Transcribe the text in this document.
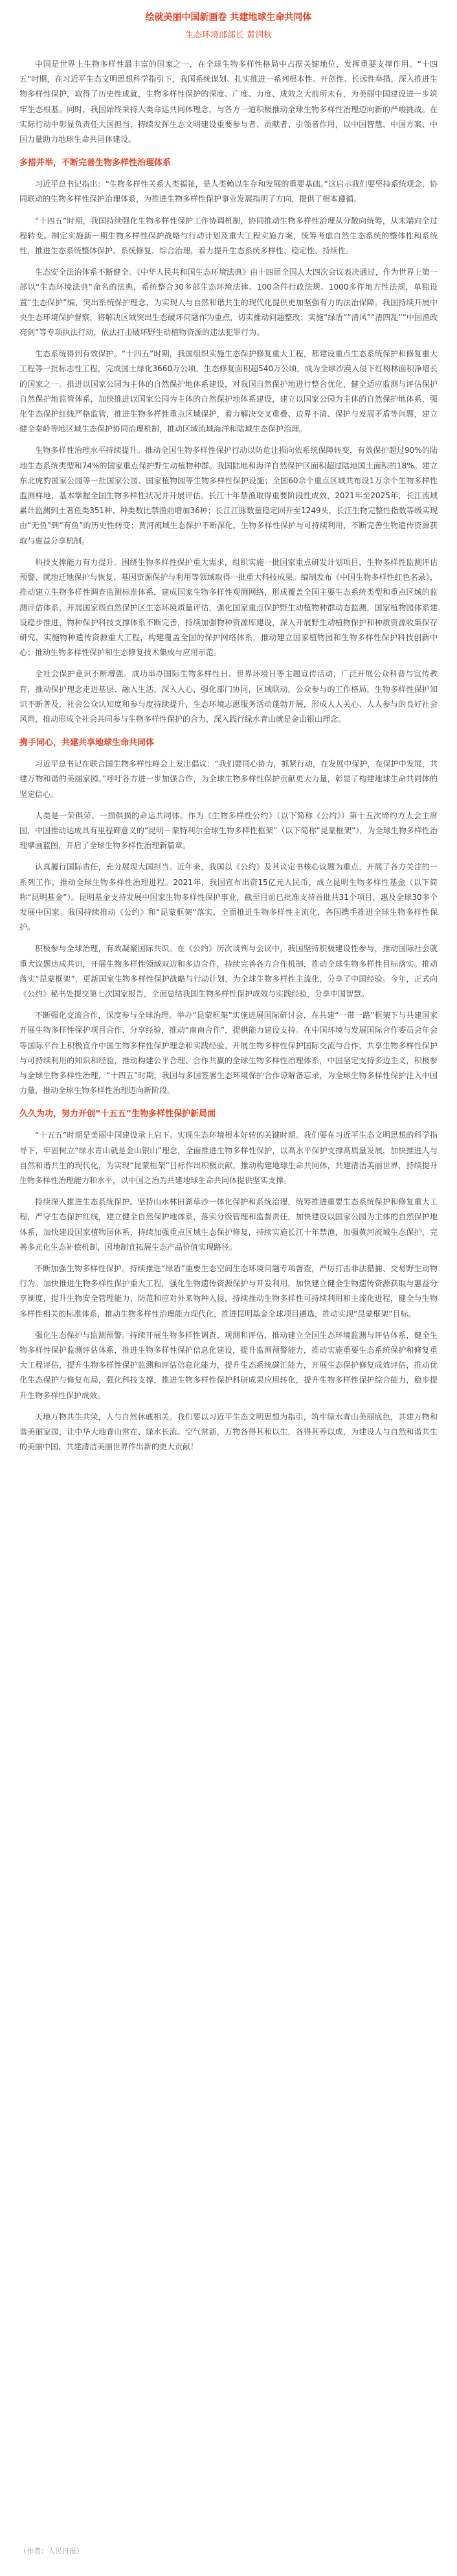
绘就美丽中国新画卷 共建地球生命共同体
生态环境部部长 黄润秋

中国是世界上生物多样性最丰富的国家之一，在全球生物多样性格局中占据关键地位，发挥重要支撑作用。“十四五”时期，在习近平生态文明思想科学指引下，我国系统谋划、扎实推进一系列根本性、开创性、长远性举措，深入推进生物多样性保护，取得了历史性成就，生物多样性保护的深度、广度、力度、成效之大前所未有，为美丽中国建设进一步筑牢生态根基。同时，我国始终秉持人类命运共同体理念，与各方一道积极推动全球生物多样性治理迈向新的严峻挑战。在实际行动中彰显负责任大国担当，持续发挥生态文明建设重要参与者、贡献者、引领者作用，以中国智慧、中国方案、中国力量助力地球生命共同体建设。

多措并举，不断完善生物多样性治理体系

习近平总书记指出：“生物多样性关系人类福祉，是人类赖以生存和发展的重要基础。”这启示我们要坚持系统观念，协同联动的生物多样性保护治理体系，为推进生物多样性保护事业发展指明了方向，提供了根本遵循。

“十四五”时期，我国持续强化生物多样性保护工作协调机制，协同推动生物多样性治理从分散向统筹，从末端向全过程转变。制定实施新一期生物多样性保护战略与行动计划及重大工程实施方案，统筹考虑自然生态系统的整体性和系统性，推进生态系统整体保护、系统修复、综合治理，着力提升生态系统多样性、稳定性、持续性。

生态安全法治体系不断健全。《中华人民共和国生态环境法典》由十四届全国人大四次会议表决通过，作为世界上第一部以“生态环境法典”命名的法典，系统整合30多部生态环境法律、100余件行政法规、1000多件地方性法规，单独设置“生态保护”编，突出系统保护理念，为实现人与自然和谐共生的现代化提供更加坚强有力的法治保障。我国持续开展中央生态环境保护督察，将解决区域突出生态破坏问题作为重点，切实推动问题整改；实施“绿盾”“清风”“清四乱”“中国渔政亮剑”等专项执法行动，依法打击破坏野生动植物资源的违法犯罪行为。

生态系统得到有效保护。“十四五”时期，我国组织实施生态保护修复重大工程，都建设重点生态系统保护和修复重大工程等一批标志性工程，完成国土绿化3660万公顷，生态修复面积超540万公顷，成为全球沙漠入侵下红树林面积净增长的国家之一。推进以国家公园为主体的自然保护地体系建设，对我国自然保护地进行整合优化，健全适应监测与评估保护自然保护地监管体系，加快推进以国家公园为主体的自然保护地体系建设，建立以国家公园为主体的自然保护地体系，强化生态保护红线严格监管，推进生物多样性重点区域保护，着力解决交叉重叠、边界不清、保护与发展矛盾等问题，建立健全秦岭等地区域生态保护协同治理机制，推动区域流域海洋和陆域生态保护治理。

生物多样性治理水平持续提升。推动全国生物多样性保护行动以防危让损向依系统保障转变，有效保护超过90%的陆地生态系统类型和74%的国家重点保护野生动植物种群。我国陆地和海洋自然保护区面积超过陆地国土面积的18%。建立东北虎豹国家公园等一批国家公园、国家植物园等生物多样性保护设施；全国60余个重点区域共布设1万余个生物多样性监测样地，基本掌握全国生物多样性状况并开展评估。长江十年禁渔取得重要阶段性成效，2021年至2025年，长江流域累计监测到土著鱼类351种、种类数比禁渔前增加36种；长江江豚数量稳定回升至1249头，长江生物完整性指数等级实现由“无鱼”到“有鱼”的历史性转变；黄河流域生态保护不断深化，生物多样性保护与可持续利用，不断完善生物遗传资源获取与惠益分享机制。

科技支撑能力有力提升。围绕生物多样性保护重大需求，组织实施一批国家重点研发计划项目，生物多样性监测评估预警、就地迁地保护与恢复、基因资源保护与利用等领域取得一批重大科技成果。编制发布《中国生物多样性红色名录》，推动建立生物多样性调查监测标准体系，建成国家生物多样性观测网络，形成覆盖全国主要生态系统类型和重点区域的监测评估体系，开展国家级自然保护区生态环境质量评估，强化国家重点保护野生动植物种群动态监测，国家植物园体系建设稳步推进，物种保护科技支撑体系不断完善，持续加强物种资源库建设，深入开展野生动植物保护和种质资源收集保存研究，实施物种遗传资源重大工程，构建覆盖全国的保护网络体系，推动建立国家植物园和生物多样性保护科技创新中心；推动生物多样性保护和生态修复技术集成与应用示范。

全社会保护意识不断增强。成功举办国际生物多样性日、世界环境日等主题宣传活动，广泛开展公众科普与宣传教育，推动保护理念走进基层、融入生活、深入人心，强化部门协同，区域联动，公众参与的工作格局，生物多样性保护知识不断普及，社会公众认知度和参与度持续提升，生态环境志愿服务活动蓬勃开展，形成人人关心、人人参与的良好社会风尚，推动形成全社会共同参与生物多样性保护的合力，深入践行绿水青山就是金山银山理念。

携手同心，共建共享地球生命共同体

习近平总书记在联合国生物多样性峰会上发出倡议：“我们要同心协力，抓紧行动，在发展中保护，在保护中发展，共建万物和谐的美丽家园。”呼吁各方进一步加强合作，为全球生物多样性保护贡献更大力量，彰显了构建地球生命共同体的坚定信心。

人类是一荣俱荣、一损俱损的命运共同体。作为《生物多样性公约》（以下简称《公约》）第十五次缔约方大会主席国，中国推动达成具有里程碑意义的“昆明－蒙特利尔全球生物多样性框架”（以下简称“昆蒙框架”），为全球生物多样性治理擘画蓝图，开启了全球生物多样性治理新篇章。

认真履行国际责任，充分展现大国担当。近年来，我国以《公约》及其议定书核心议题为重点，开展了各方关注的一系列工作，推动全球生物多样性治理进程。2021年，我国宣布出资15亿元人民币，成立昆明生物多样性基金（以下简称“昆明基金”）。昆明基金支持发展中国家生物多样性保护事业，截至目前已批准支持首批共31个项目，惠及全球30多个发展中国家。我国持续推动《公约》和“昆蒙框架”落实，全面推进生物多样性主流化，各国携手推进全球生物多样性保护。

积极参与全球治理，有效凝聚国际共识。在《公约》历次谈判与会议中，我国坚持积极建设性参与，推动国际社会就重大议题达成共识，开展生物多样性领域双边和多边合作，持续完善各方合作机制，推动全球生物多样性目标落实。推动落实“昆蒙框架”，更新国家生物多样性保护战略与行动计划，为全球生物多样性主流化，分享了中国经验。今年，正式向《公约》秘书处提交第七次国家报告，全面总结我国生物多样性保护成效与实践经验，分享中国智慧。

不断强化交流合作，深度参与全球治理。举办“昆蒙框架”实施进展国际研讨会，在共建“一带一路”框架下与共建国家开展生物多样性保护项目合作、分享经验，推动“南南合作”，提供能力建设支持。在中国环境与发展国际合作委员会年会等国际平台上积极宣介中国生物多样性保护理念和实践经验，开展生物多样性保护国际交流与合作，共享生物多样性保护与可持续利用的知识和经验，推动构建公平合理、合作共赢的全球生物多样性治理体系，中国坚定支持多边主义，积极参与全球生物多样性治理，“十四五”时期，我国与多国签署生态环境保护合作谅解备忘录，为全球生物多样性保护注入中国力量，推动全球生物多样性治理迈向新阶段。

久久为功，努力开创“十五五”生物多样性保护新局面

“十五五”时期是美丽中国建设承上启下、实现生态环境根本好转的关键时期。我们要在习近平生态文明思想的科学指导下，牢固树立“绿水青山就是金山银山”理念，全面推进生物多样性保护，以高水平保护支撑高质量发展，加快推进人与自然和谐共生的现代化，为实现“昆蒙框架”目标作出积极贡献，推动构建地球生命共同体，共建清洁美丽世界，持续提升生物多样性治理能力和水平，以中国之治为共建地球生命共同体提供坚实支撑。

持续深入推进生态系统保护。坚持山水林田湖草沙一体化保护和系统治理，统筹推进重要生态系统保护和修复重大工程，严守生态保护红线，建立健全自然保护地体系，落实分级管理和监督责任，加快建设以国家公园为主体的自然保护地体系，加快建设国家植物园体系，持续加强重点区域生态保护修复，持续实施长江十年禁渔，加强黄河流域生态保护，完善多元化生态补偿机制，因地制宜拓展生态产品价值实现路径。

不断加强生物多样性保护。持续推进“绿盾”重要生态空间生态环境问题专项督查，严厉打击非法猎捕、交易野生动物行为。加快推进生物多样性保护重大工程，强化生物遗传资源保护与开发利用，加快建立健全生物遗传资源获取与惠益分享制度，提升生物安全管理能力，防范和应对外来物种入侵，持续推动生物多样性可持续利用和主流化进程，健全与生物多样性相关的标准体系，推动生物多样性治理能力现代化，推进昆明基金全球项目遴选，推动实现“昆蒙框架”目标。

强化生态保护与监测预警。持续开展生物多样性调查、观测和评估，推动建立全国生态环境监测与评估体系，健全生物多样性保护监测评估体系，推进生物多样性保护信息化建设，提升监测预警能力，推动实施重要生态系统保护和修复重大工程评估，提升生物多样性保护监测和评估信息化能力，提升生态系统碳汇能力，开展生态保护修复成效评估，推动优化生态保护与修复布局，强化科技支撑，推进生物多样性保护科研成果应用转化，提升生物多样性保护综合能力，稳步提升生物多样性保护成效。

天地万物共生共荣，人与自然休戚相关。我们要以习近平生态文明思想为指引，筑牢绿水青山美丽底色，共建万物和谐美丽家园，让中华大地青山常在、绿水长流、空气常新，万物各得其和以生，各得其养以成，为建设人与自然和谐共生的美丽中国、共建清洁美丽世界作出新的更大贡献！

（作者：人民日报）
